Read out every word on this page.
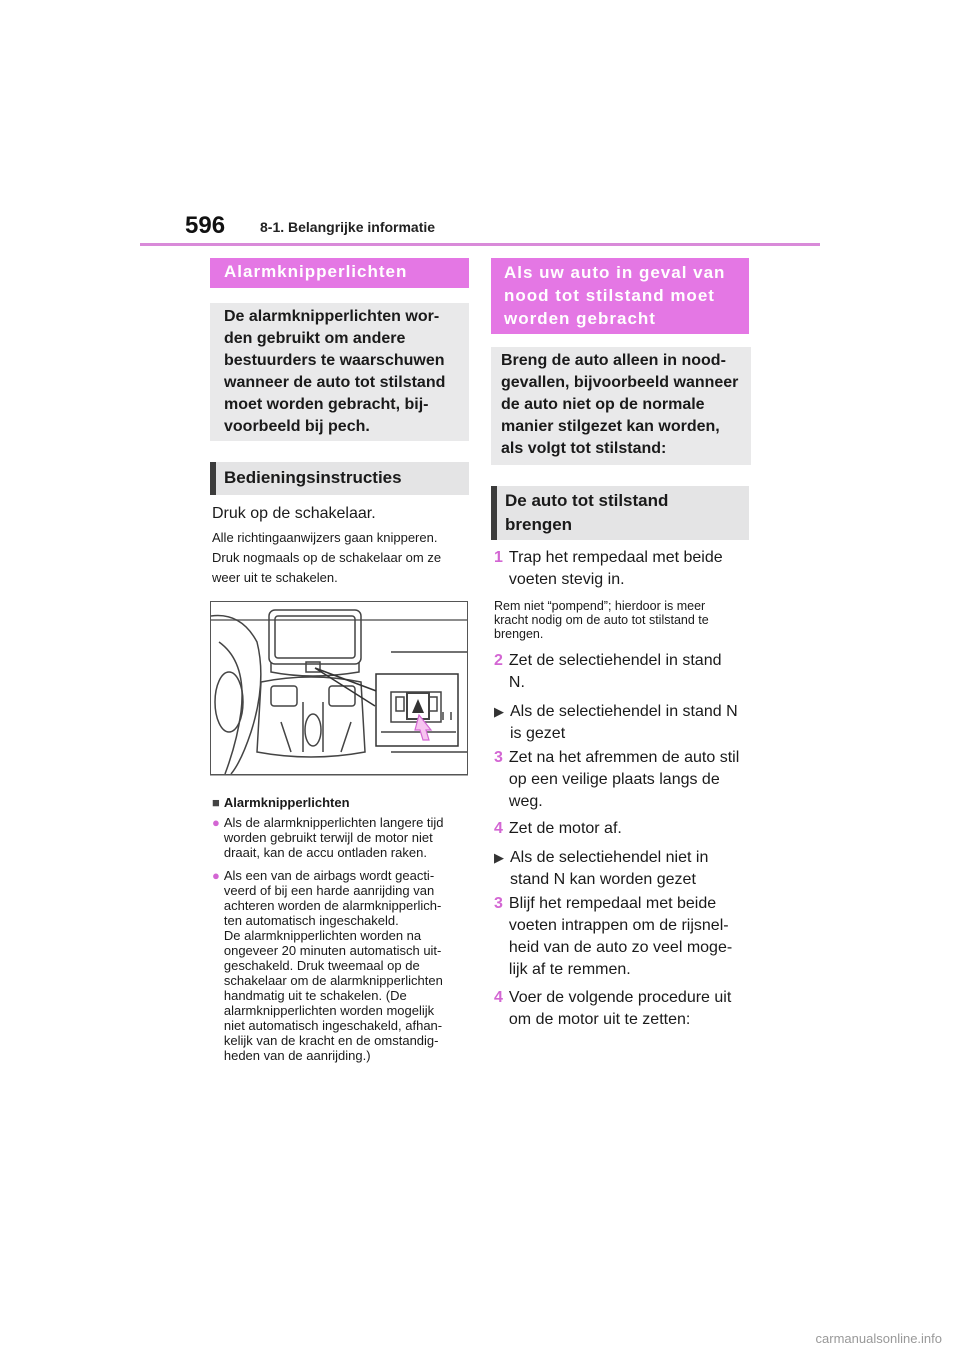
596 8-1. Belangrijke informatie
Alarmknipperlichten
De alarmknipperlichten wor-
den gebruikt om andere
bestuurders te waarschuwen
wanneer de auto tot stilstand
moet worden gebracht, bij-
voorbeeld bij pech.
Bedieningsinstructies
Druk op de schakelaar.
Alle richtingaanwijzers gaan knipperen.
Druk nogmaals op de schakelaar om ze
weer uit te schakelen.
■ Alarmknipperlichten
● Als de alarmknipperlichten langere tijd
worden gebruikt terwijl de motor niet
draait, kan de accu ontladen raken.
● Als een van de airbags wordt geacti-
veerd of bij een harde aanrijding van
achteren worden de alarmknipperlich-
ten automatisch ingeschakeld.
De alarmknipperlichten worden na
ongeveer 20 minuten automatisch uit-
geschakeld. Druk tweemaal op de
schakelaar om de alarmknipperlichten
handmatig uit te schakelen. (De
alarmknipperlichten worden mogelijk
niet automatisch ingeschakeld, afhan-
kelijk van de kracht en de omstandig-
heden van de aanrijding.)
Als uw auto in geval van
nood tot stilstand moet
worden gebracht
Breng de auto alleen in nood-
gevallen, bijvoorbeeld wanneer
de auto niet op de normale
manier stilgezet kan worden,
als volgt tot stilstand:
De auto tot stilstand
brengen
1 Trap het rempedaal met beide
voeten stevig in.
Rem niet “pompend”; hierdoor is meer
kracht nodig om de auto tot stilstand te
brengen.
2 Zet de selectiehendel in stand
N.
▶ Als de selectiehendel in stand N
is gezet
3 Zet na het afremmen de auto stil
op een veilige plaats langs de
weg.
4 Zet de motor af.
▶ Als de selectiehendel niet in
stand N kan worden gezet
3 Blijf het rempedaal met beide
voeten intrappen om de rijsnel-
heid van de auto zo veel moge-
lijk af te remmen.
4 Voer de volgende procedure uit
om de motor uit te zetten:
carmanualsonline.info
